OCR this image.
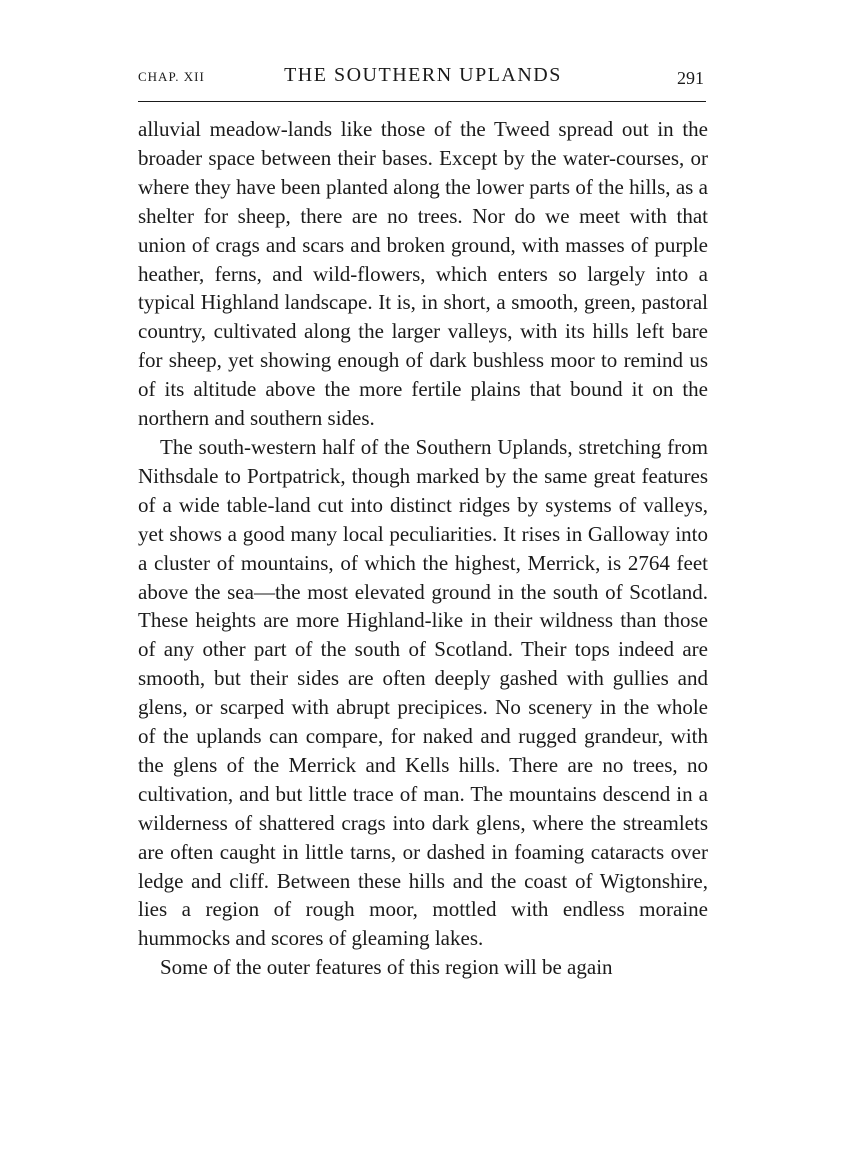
CHAP. XII	THE SOUTHERN UPLANDS	291

alluvial meadow-lands like those of the Tweed spread out in the broader space between their bases. Except by the water-courses, or where they have been planted along the lower parts of the hills, as a shelter for sheep, there are no trees. Nor do we meet with that union of crags and scars and broken ground, with masses of purple heather, ferns, and wild-flowers, which enters so largely into a typical Highland landscape. It is, in short, a smooth, green, pastoral country, cultivated along the larger valleys, with its hills left bare for sheep, yet showing enough of dark bushless moor to remind us of its altitude above the more fertile plains that bound it on the northern and southern sides.

The south-western half of the Southern Uplands, stretching from Nithsdale to Portpatrick, though marked by the same great features of a wide table-land cut into distinct ridges by systems of valleys, yet shows a good many local peculiarities. It rises in Galloway into a cluster of mountains, of which the highest, Merrick, is 2764 feet above the sea—the most elevated ground in the south of Scotland. These heights are more Highland-like in their wildness than those of any other part of the south of Scotland. Their tops indeed are smooth, but their sides are often deeply gashed with gullies and glens, or scarped with abrupt precipices. No scenery in the whole of the uplands can compare, for naked and rugged grandeur, with the glens of the Merrick and Kells hills. There are no trees, no cultivation, and but little trace of man. The mountains descend in a wilderness of shattered crags into dark glens, where the streamlets are often caught in little tarns, or dashed in foaming cataracts over ledge and cliff. Between these hills and the coast of Wigtonshire, lies a region of rough moor, mottled with endless moraine hummocks and scores of gleaming lakes.

Some of the outer features of this region will be again
